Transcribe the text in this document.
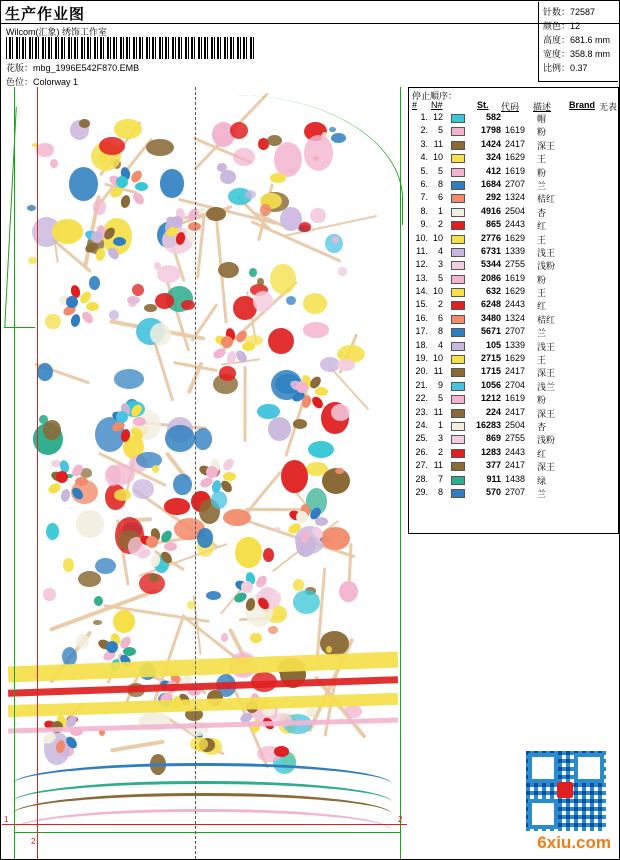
生产作业图
Wilcom(汇象) 绣饰工作室
花版：mbg_1996E542F870.EMB
色位：Colorway 1
针数：72587
颜色：12
高度：681.6 mm
宽度：358.8 mm
比例：0.37
停止順序：
# N#	St. 代码 描述 Brand 无表
1. 12	582	帽
2.	5	1798 1619	粉
3. 11	1424 2417	深王
4. 10	324 1629	王
5.	5	412 1619	粉
6.	8	1684 2707	兰
7.	6	292 1324	桔红
8.	1	4916 2504	杏
9.	2	865 2443	红
10. 10	2776 1629	王
11.	4	6731 1339	浅王
12.	3	5344 2755	浅粉
13.	5	2086 1619	粉
14. 10	632 1629	王
15.	2	6248 2443	红
16.	6	3480 1324	桔红
17.	8	5671 2707	兰
18.	4	105 1339	浅王
19. 10	2715 1629	王
20. 11	1715 2417	深王
21.	9	1056 2704	浅兰
22.	5	1212 1619	粉
23. 11	224 2417	深王
24.	1	16283 2504	杏
25.	3	869 2755	浅粉
26.	2	1283 2443	红
27. 11	377 2417	深王
28.	7	911 1438	绿
29.	8	570 2707	兰
1	2
2	6xiu.com
